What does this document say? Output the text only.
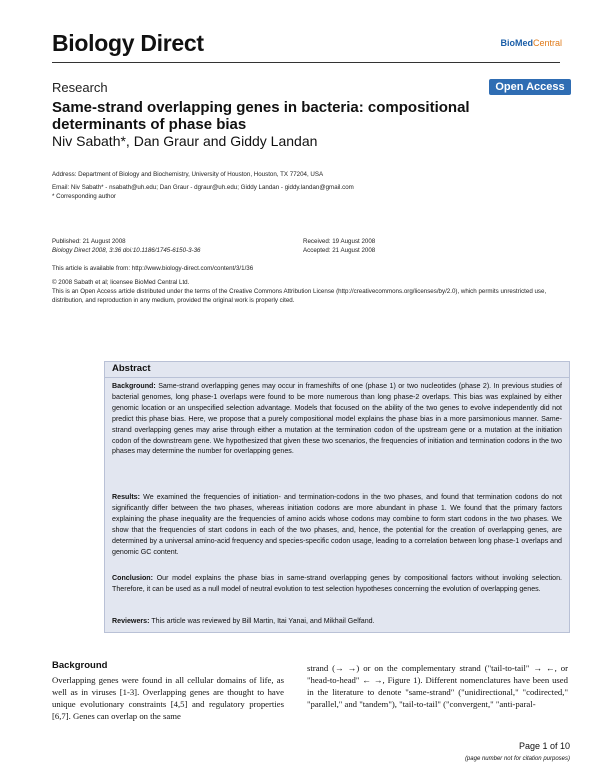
Biology Direct	BioMedCentral
Research	Open Access
Same-strand overlapping genes in bacteria: compositional determinants of phase bias
Niv Sabath*, Dan Graur and Giddy Landan
Address: Department of Biology and Biochemistry, University of Houston, Houston, TX 77204, USA
Email: Niv Sabath* - nsabath@uh.edu; Dan Graur - dgraur@uh.edu; Giddy Landan - giddy.landan@gmail.com
* Corresponding author
Published: 21 August 2008
Biology Direct 2008, 3:36 doi:10.1186/1745-6150-3-36
Received: 19 August 2008
Accepted: 21 August 2008
This article is available from: http://www.biology-direct.com/content/3/1/36
© 2008 Sabath et al; licensee BioMed Central Ltd.
This is an Open Access article distributed under the terms of the Creative Commons Attribution License (http://creativecommons.org/licenses/by/2.0), which permits unrestricted use, distribution, and reproduction in any medium, provided the original work is properly cited.
Abstract
Background: Same-strand overlapping genes may occur in frameshifts of one (phase 1) or two nucleotides (phase 2). In previous studies of bacterial genomes, long phase-1 overlaps were found to be more numerous than long phase-2 overlaps. This bias was explained by either genomic location or an unspecified selection advantage. Models that focused on the ability of the two genes to evolve independently did not predict this phase bias. Here, we propose that a purely compositional model explains the phase bias in a more parsimonious manner. Same-strand overlapping genes may arise through either a mutation at the termination codon of the upstream gene or a mutation at the initiation codon of the downstream gene. We hypothesized that given these two scenarios, the frequencies of initiation and termination codons in the two phases may determine the number for overlapping genes.
Results: We examined the frequencies of initiation- and termination-codons in the two phases, and found that termination codons do not significantly differ between the two phases, whereas initiation codons are more abundant in phase 1. We found that the primary factors explaining the phase inequality are the frequencies of amino acids whose codons may combine to form start codons in the two phases. We show that the frequencies of start codons in each of the two phases, and, hence, the potential for the creation of overlapping genes, are determined by a universal amino-acid frequency and species-specific codon usage, leading to a correlation between long phase-1 overlaps and genomic GC content.
Conclusion: Our model explains the phase bias in same-strand overlapping genes by compositional factors without invoking selection. Therefore, it can be used as a null model of neutral evolution to test selection hypotheses concerning the evolution of overlapping genes.
Reviewers: This article was reviewed by Bill Martin, Itai Yanai, and Mikhail Gelfand.
Background
Overlapping genes were found in all cellular domains of life, as well as in viruses [1-3]. Overlapping genes are thought to have unique evolutionary constraints [4,5] and regulatory properties [6,7]. Genes can overlap on the same
strand (→ →) or on the complementary strand ("tail-to-tail" → ←, or "head-to-head" ← →, Figure 1). Different nomenclatures have been used in the literature to denote "same-strand" ("unidirectional," "codirected," "parallel," and "tandem"), "tail-to-tail" ("convergent," "anti-paral-
Page 1 of 10
(page number not for citation purposes)
